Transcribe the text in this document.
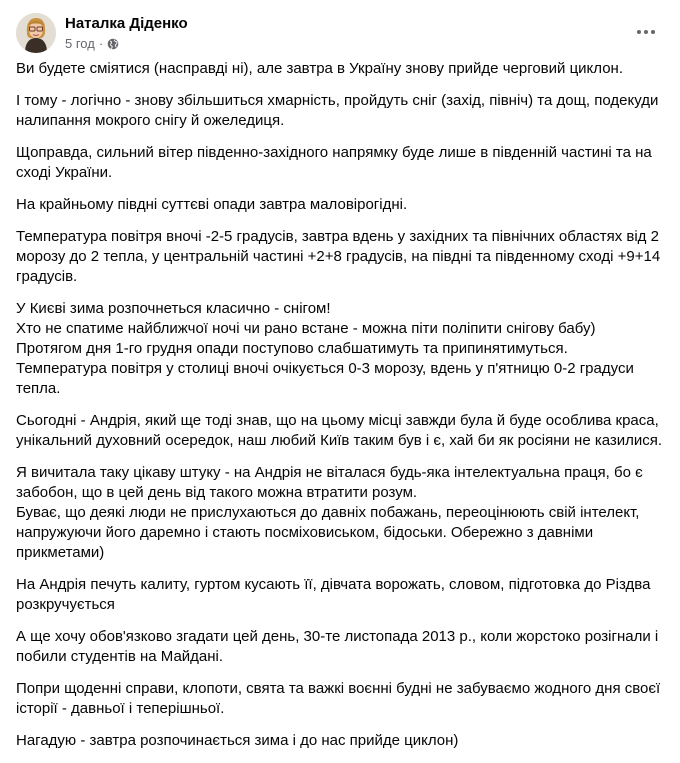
Наталка Діденко
5 год ·
Ви будете сміятися (насправді ні), але завтра в Україну знову прийде черговий циклон.
І тому - логічно - знову збільшиться хмарність, пройдуть сніг (захід, північ) та дощ, подекуди
налипання мокрого снігу й ожеледиця.
Щоправда, сильний вітер південно-західного напрямку буде лише в південній частині та на
сході України.
На крайньому півдні суттєві опади завтра маловірогідні.
Температура повітря вночі -2-5 градусів, завтра вдень у західних та північних областях від 2
морозу до 2 тепла, у центральній частині +2+8 градусів, на півдні та південному сході +9+14
градусів.
У Києві зима розпочнеться класично - снігом!
Хто не спатиме найближчої ночі чи рано встане - можна піти поліпити снігову бабу)
Протягом дня 1-го грудня опади поступово слабшатимуть та припинятимуться.
Температура повітря у столиці вночі очікується 0-3 морозу, вдень у п'ятницю 0-2 градуси
тепла.
Сьогодні - Андрія, який ще тоді знав, що на цьому місці завжди була й буде особлива краса,
унікальний духовний осередок, наш любий Київ таким був і є, хай би як росіяни не казилися.
Я вичитала таку цікаву штуку - на Андрія не віталася будь-яка інтелектуальна праця, бо є
забобон, що в цей день від такого можна втратити розум.
Буває, що деякі люди не прислухаються до давніх побажань, переоцінюють свій інтелект,
напружуючи його даремно і стають посміховиськом, бідоськи. Обережно з давніми
прикметами)
На Андрія печуть калиту, гуртом кусають її, дівчата ворожать, словом, підготовка до Різдва
розкручується
А ще хочу обов'язково згадати цей день, 30-те листопада 2013 р., коли жорстоко розігнали і
побили студентів на Майдані.
Попри щоденні справи, клопоти, свята та важкі воєнні будні не забуваємо жодного дня своєї
історії - давньої і теперішньої.
Нагадую - завтра розпочинається зима і до нас прийде циклон)
